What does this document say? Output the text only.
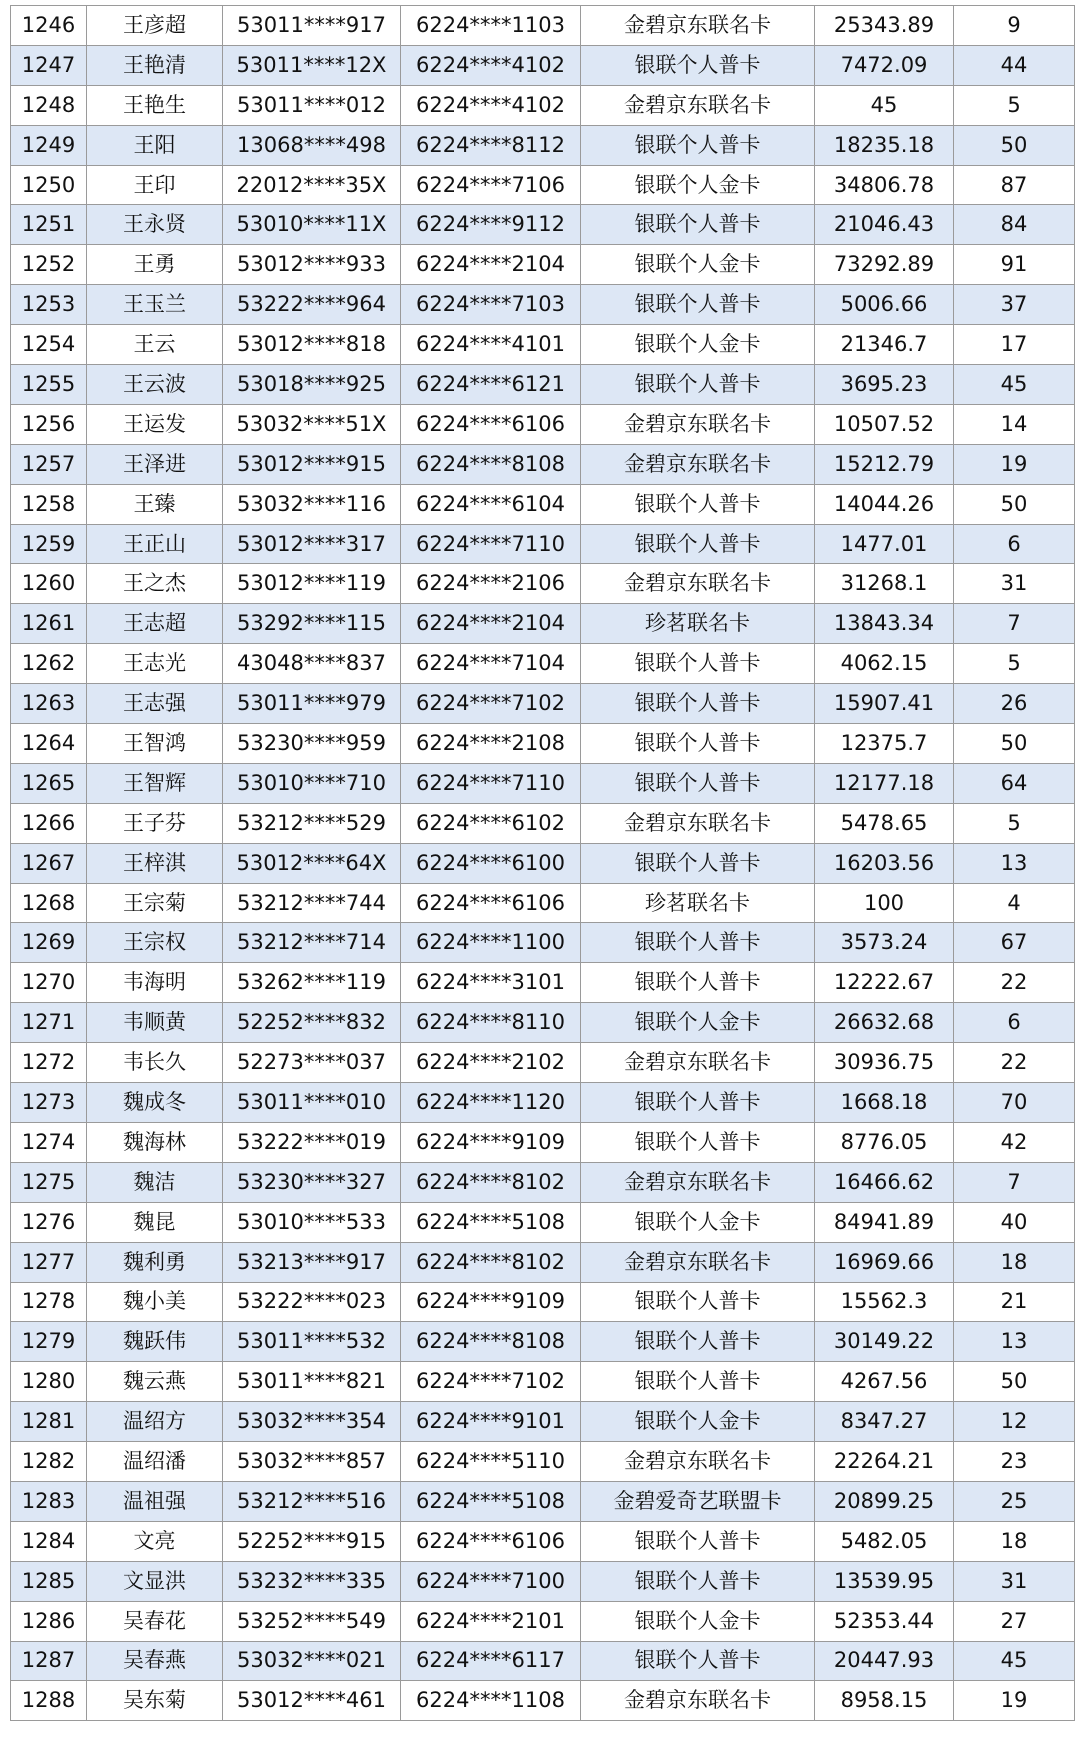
1246	王彦超	53011****917	6224****1103	金碧京东联名卡	25343.89	9
1247	王艳清	53011****12X	6224****4102	银联个人普卡	7472.09	44
1248	王艳生	53011****012	6224****4102	金碧京东联名卡	45	5
1249	王阳	13068****498	6224****8112	银联个人普卡	18235.18	50
1250	王印	22012****35X	6224****7106	银联个人金卡	34806.78	87
1251	王永贤	53010****11X	6224****9112	银联个人普卡	21046.43	84
1252	王勇	53012****933	6224****2104	银联个人金卡	73292.89	91
1253	王玉兰	53222****964	6224****7103	银联个人普卡	5006.66	37
1254	王云	53012****818	6224****4101	银联个人金卡	21346.7	17
1255	王云波	53018****925	6224****6121	银联个人普卡	3695.23	45
1256	王运发	53032****51X	6224****6106	金碧京东联名卡	10507.52	14
1257	王泽进	53012****915	6224****8108	金碧京东联名卡	15212.79	19
1258	王臻	53032****116	6224****6104	银联个人普卡	14044.26	50
1259	王正山	53012****317	6224****7110	银联个人普卡	1477.01	6
1260	王之杰	53012****119	6224****2106	金碧京东联名卡	31268.1	31
1261	王志超	53292****115	6224****2104	珍茗联名卡	13843.34	7
1262	王志光	43048****837	6224****7104	银联个人普卡	4062.15	5
1263	王志强	53011****979	6224****7102	银联个人普卡	15907.41	26
1264	王智鸿	53230****959	6224****2108	银联个人普卡	12375.7	50
1265	王智辉	53010****710	6224****7110	银联个人普卡	12177.18	64
1266	王子芬	53212****529	6224****6102	金碧京东联名卡	5478.65	5
1267	王梓淇	53012****64X	6224****6100	银联个人普卡	16203.56	13
1268	王宗菊	53212****744	6224****6106	珍茗联名卡	100	4
1269	王宗权	53212****714	6224****1100	银联个人普卡	3573.24	67
1270	韦海明	53262****119	6224****3101	银联个人普卡	12222.67	22
1271	韦顺黄	52252****832	6224****8110	银联个人金卡	26632.68	6
1272	韦长久	52273****037	6224****2102	金碧京东联名卡	30936.75	22
1273	魏成冬	53011****010	6224****1120	银联个人普卡	1668.18	70
1274	魏海林	53222****019	6224****9109	银联个人普卡	8776.05	42
1275	魏洁	53230****327	6224****8102	金碧京东联名卡	16466.62	7
1276	魏昆	53010****533	6224****5108	银联个人金卡	84941.89	40
1277	魏利勇	53213****917	6224****8102	金碧京东联名卡	16969.66	18
1278	魏小美	53222****023	6224****9109	银联个人普卡	15562.3	21
1279	魏跃伟	53011****532	6224****8108	银联个人普卡	30149.22	13
1280	魏云燕	53011****821	6224****7102	银联个人普卡	4267.56	50
1281	温绍方	53032****354	6224****9101	银联个人金卡	8347.27	12
1282	温绍潘	53032****857	6224****5110	金碧京东联名卡	22264.21	23
1283	温祖强	53212****516	6224****5108	金碧爱奇艺联盟卡	20899.25	25
1284	文亮	52252****915	6224****6106	银联个人普卡	5482.05	18
1285	文显洪	53232****335	6224****7100	银联个人普卡	13539.95	31
1286	吴春花	53252****549	6224****2101	银联个人金卡	52353.44	27
1287	吴春燕	53032****021	6224****6117	银联个人普卡	20447.93	45
1288	吴东菊	53012****461	6224****1108	金碧京东联名卡	8958.15	19
